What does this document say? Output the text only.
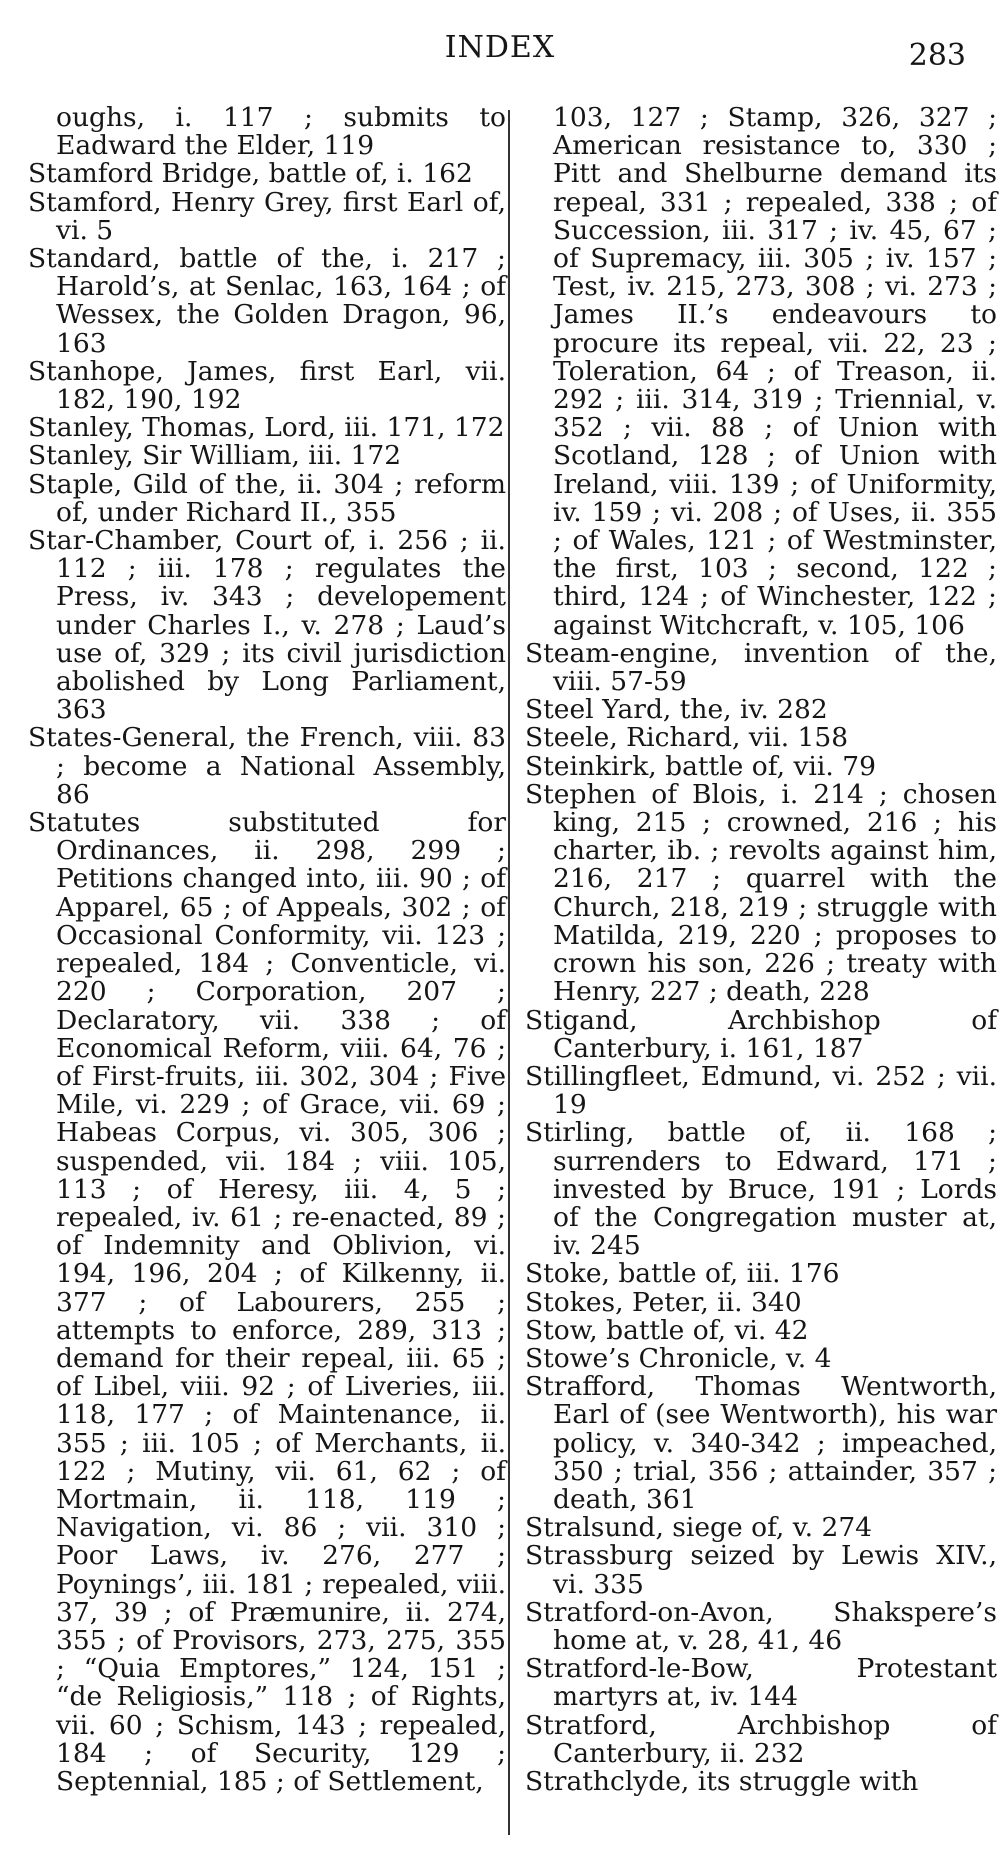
INDEX	283
oughs, i. 117 ; submits to Eadward the Elder, 119
Stamford Bridge, battle of, i. 162
Stamford, Henry Grey, first Earl of, vi. 5
Standard, battle of the, i. 217 ; Harold’s, at Senlac, 163, 164 ; of Wessex, the Golden Dragon, 96, 163
Stanhope, James, first Earl, vii. 182, 190, 192
Stanley, Thomas, Lord, iii. 171, 172
Stanley, Sir William, iii. 172
Staple, Gild of the, ii. 304 ; reform of, under Richard II., 355
Star-Chamber, Court of, i. 256 ; ii. 112 ; iii. 178 ; regulates the Press, iv. 343 ; developement under Charles I., v. 278 ; Laud’s use of, 329 ; its civil jurisdiction abolished by Long Parliament, 363
States-General, the French, viii. 83 ; become a National Assembly, 86
Statutes substituted for Ordinances, ii. 298, 299 ; Petitions changed into, iii. 90 ; of Apparel, 65 ; of Appeals, 302 ; of Occasional Conformity, vii. 123 ; repealed, 184 ; Conventicle, vi. 220 ; Corporation, 207 ; Declaratory, vii. 338 ; of Economical Reform, viii. 64, 76 ; of First-fruits, iii. 302, 304 ; Five Mile, vi. 229 ; of Grace, vii. 69 ; Habeas Corpus, vi. 305, 306 ; suspended, vii. 184 ; viii. 105, 113 ; of Heresy, iii. 4, 5 ; repealed, iv. 61 ; re-enacted, 89 ; of Indemnity and Oblivion, vi. 194, 196, 204 ; of Kilkenny, ii. 377 ; of Labourers, 255 ; attempts to enforce, 289, 313 ; demand for their repeal, iii. 65 ; of Libel, viii. 92 ; of Liveries, iii. 118, 177 ; of Maintenance, ii. 355 ; iii. 105 ; of Merchants, ii. 122 ; Mutiny, vii. 61, 62 ; of Mortmain, ii. 118, 119 ; Navigation, vi. 86 ; vii. 310 ; Poor Laws, iv. 276, 277 ; Poynings’, iii. 181 ; repealed, viii. 37, 39 ; of Præmunire, ii. 274, 355 ; of Provisors, 273, 275, 355 ; “Quia Emptores,” 124, 151 ; “de Religiosis,” 118 ; of Rights, vii. 60 ; Schism, 143 ; repealed, 184 ; of Security, 129 ; Septennial, 185 ; of Settlement,
103, 127 ; Stamp, 326, 327 ; American resistance to, 330 ; Pitt and Shelburne demand its repeal, 331 ; repealed, 338 ; of Succession, iii. 317 ; iv. 45, 67 ; of Supremacy, iii. 305 ; iv. 157 ; Test, iv. 215, 273, 308 ; vi. 273 ; James II.’s endeavours to procure its repeal, vii. 22, 23 ; Toleration, 64 ; of Treason, ii. 292 ; iii. 314, 319 ; Triennial, v. 352 ; vii. 88 ; of Union with Scotland, 128 ; of Union with Ireland, viii. 139 ; of Uniformity, iv. 159 ; vi. 208 ; of Uses, ii. 355 ; of Wales, 121 ; of Westminster, the first, 103 ; second, 122 ; third, 124 ; of Winchester, 122 ; against Witchcraft, v. 105, 106
Steam-engine, invention of the, viii. 57-59
Steel Yard, the, iv. 282
Steele, Richard, vii. 158
Steinkirk, battle of, vii. 79
Stephen of Blois, i. 214 ; chosen king, 215 ; crowned, 216 ; his charter, ib. ; revolts against him, 216, 217 ; quarrel with the Church, 218, 219 ; struggle with Matilda, 219, 220 ; proposes to crown his son, 226 ; treaty with Henry, 227 ; death, 228
Stigand, Archbishop of Canterbury, i. 161, 187
Stillingfleet, Edmund, vi. 252 ; vii. 19
Stirling, battle of, ii. 168 ; surrenders to Edward, 171 ; invested by Bruce, 191 ; Lords of the Congregation muster at, iv. 245
Stoke, battle of, iii. 176
Stokes, Peter, ii. 340
Stow, battle of, vi. 42
Stowe’s Chronicle, v. 4
Strafford, Thomas Wentworth, Earl of (see Wentworth), his war policy, v. 340-342 ; impeached, 350 ; trial, 356 ; attainder, 357 ; death, 361
Stralsund, siege of, v. 274
Strassburg seized by Lewis XIV., vi. 335
Stratford-on-Avon, Shakspere’s home at, v. 28, 41, 46
Stratford-le-Bow, Protestant martyrs at, iv. 144
Stratford, Archbishop of Canterbury, ii. 232
Strathclyde, its struggle with
